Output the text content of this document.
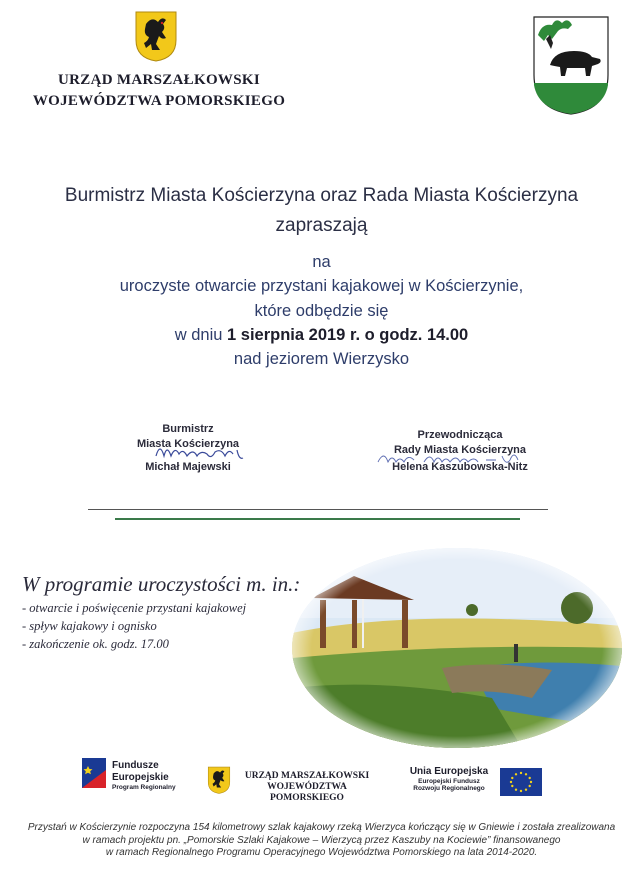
URZĄD MARSZAŁKOWSKI
WOJEWÓDZTWA POMORSKIEGO
Burmistrz Miasta Kościerzyna oraz Rada Miasta Kościerzyna
zapraszają
na
uroczyste otwarcie przystani kajakowej w Kościerzynie,
które odbędzie się
w dniu 1 sierpnia 2019 r. o godz. 14.00
nad jeziorem Wierzysko
Burmistrz
Miasta Kościerzyna
Michał Majewski
Przewodnicząca
Rady Miasta Kościerzyna
Helena Kaszubowska-Nitz
W programie uroczystości m. in.:
- otwarcie i poświęcenie przystani kajakowej
- spływ kajakowy i ognisko
- zakończenie ok. godz. 17.00
Fundusze
Europejskie
Program Regionalny
URZĄD MARSZAŁKOWSKI
WOJEWÓDZTWA POMORSKIEGO
Unia Europejska
Europejski Fundusz
Rozwoju Regionalnego
Przystań w Kościerzynie rozpoczyna 154 kilometrowy szlak kajakowy rzeką Wierzyca kończący się w Gniewie i została zrealizowana
w ramach projektu pn. „Pomorskie Szlaki Kajakowe – Wierzycą przez Kaszuby na Kociewie” finansowanego
w ramach Regionalnego Programu Operacyjnego Województwa Pomorskiego na lata 2014-2020.
